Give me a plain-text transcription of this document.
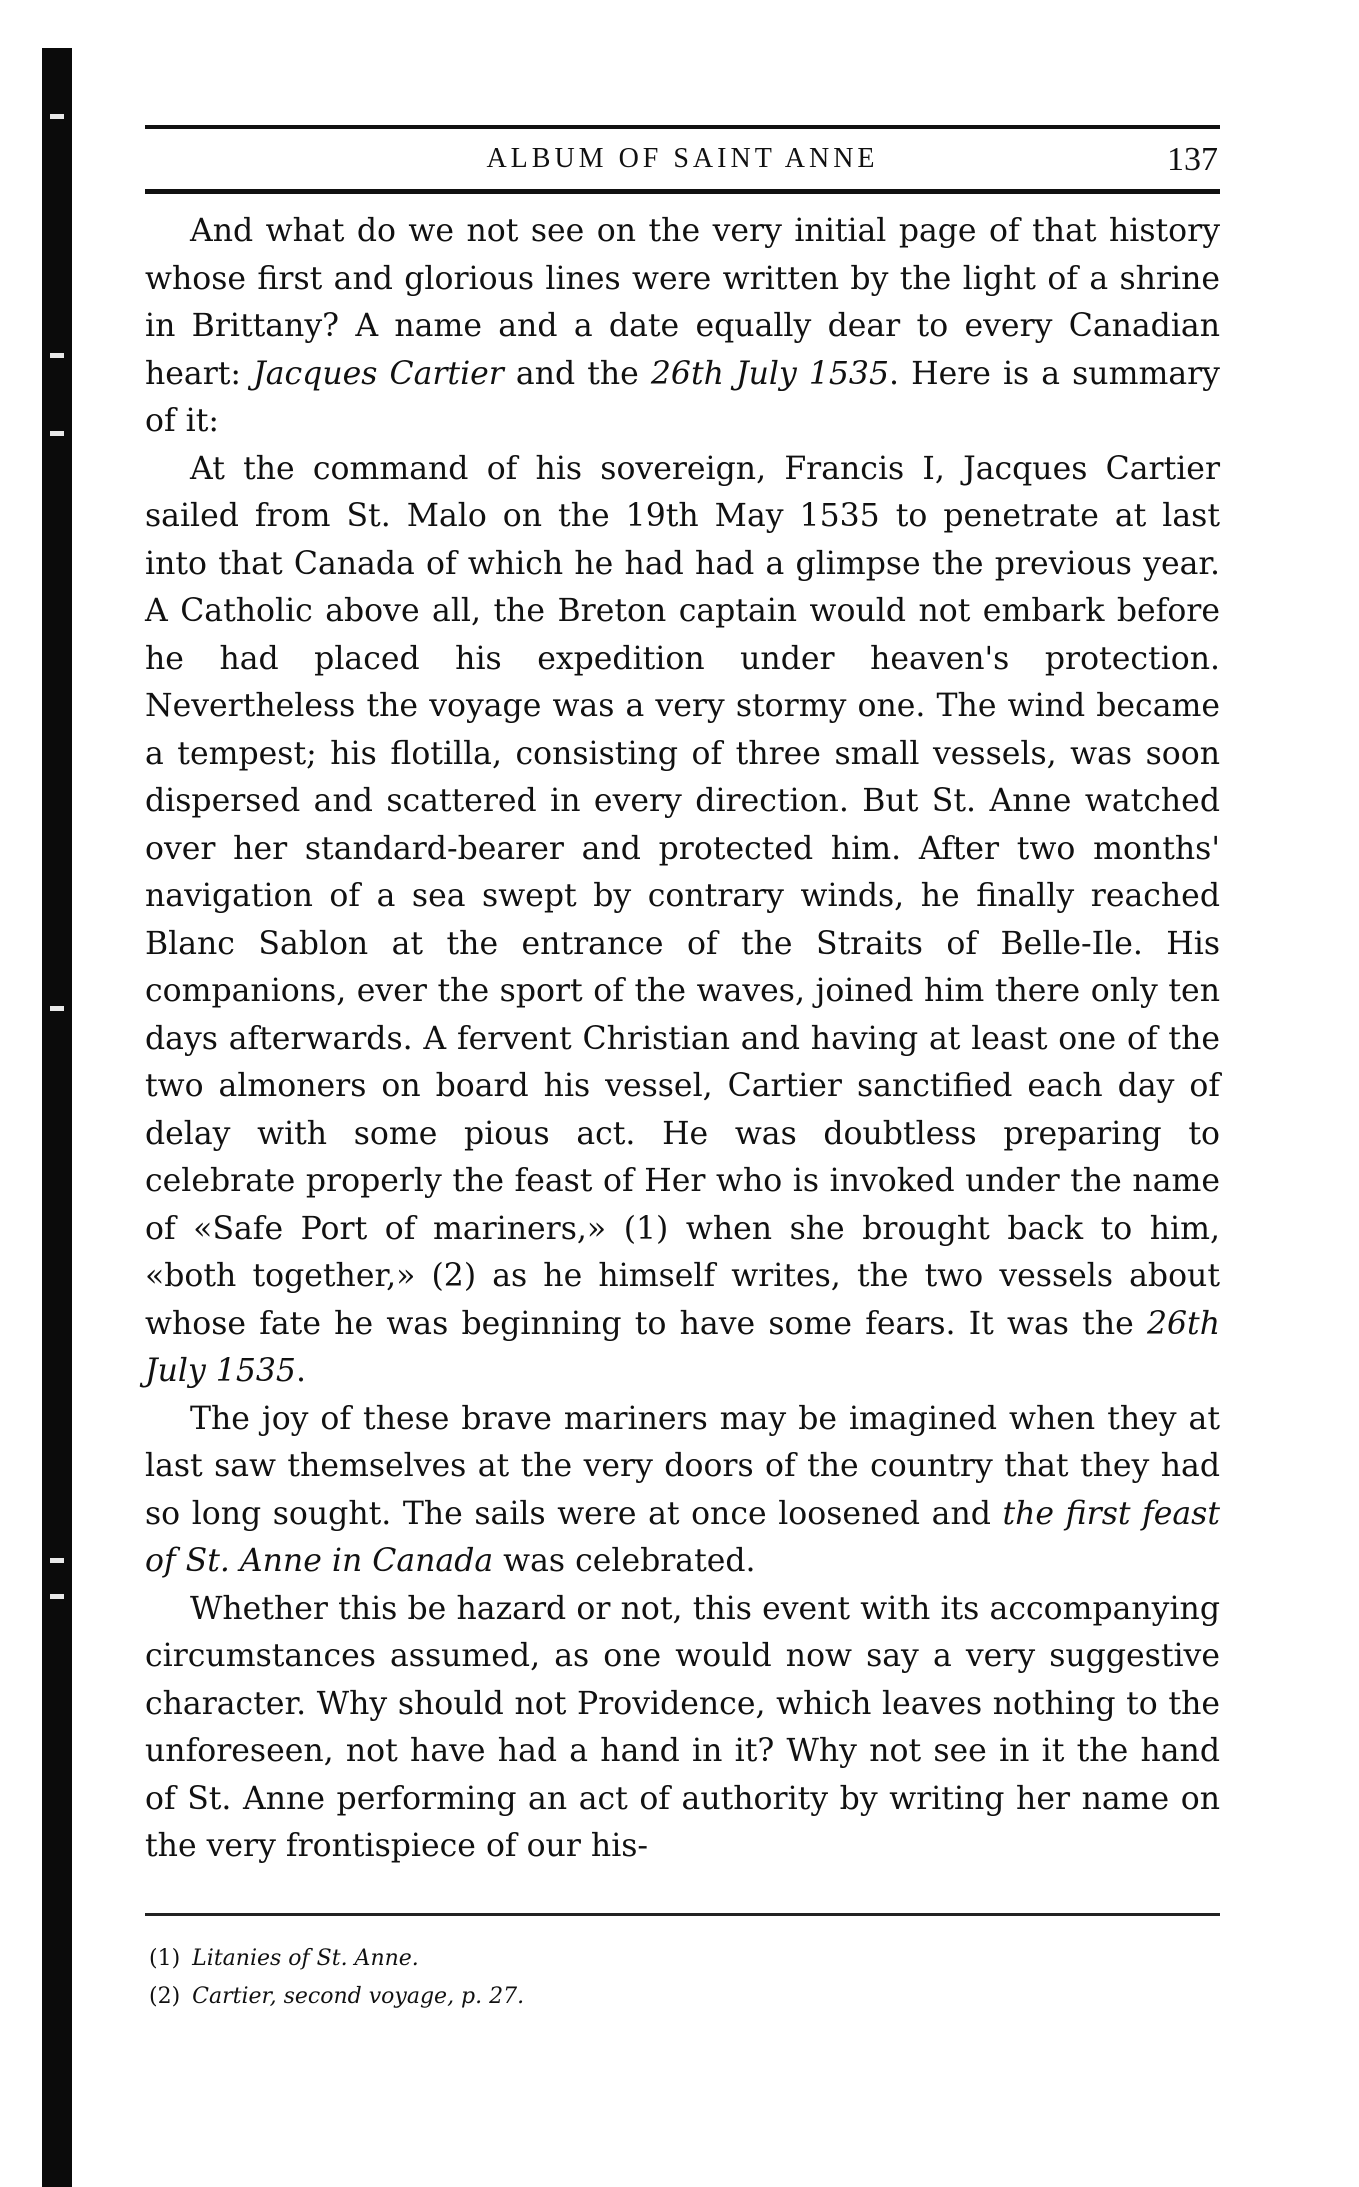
ALBUM OF SAINT ANNE	137

And what do we not see on the very initial page of that history whose first and glorious lines were written by the light of a shrine in Brittany? A name and a date equally dear to every Canadian heart: Jacques Cartier and the 26th July 1535. Here is a summary of it:

At the command of his sovereign, Francis I, Jacques Cartier sailed from St. Malo on the 19th May 1535 to penetrate at last into that Canada of which he had had a glimpse the previous year. A Catholic above all, the Breton captain would not embark before he had placed his expedition under heaven's protection. Nevertheless the voyage was a very stormy one. The wind became a tempest; his flotilla, consisting of three small vessels, was soon dispersed and scattered in every direction. But St. Anne watched over her standard-bearer and protected him. After two months' navigation of a sea swept by contrary winds, he finally reached Blanc Sablon at the entrance of the Straits of Belle-Ile. His companions, ever the sport of the waves, joined him there only ten days afterwards. A fervent Christian and having at least one of the two almoners on board his vessel, Cartier sanctified each day of delay with some pious act. He was doubtless preparing to celebrate properly the feast of Her who is invoked under the name of «Safe Port of mariners,» (1) when she brought back to him, «both together,» (2) as he himself writes, the two vessels about whose fate he was beginning to have some fears. It was the 26th July 1535.

The joy of these brave mariners may be imagined when they at last saw themselves at the very doors of the country that they had so long sought. The sails were at once loosened and the first feast of St. Anne in Canada was celebrated.

Whether this be hazard or not, this event with its accompanying circumstances assumed, as one would now say a very suggestive character. Why should not Providence, which leaves nothing to the unforeseen, not have had a hand in it? Why not see in it the hand of St. Anne performing an act of authority by writing her name on the very frontispiece of our his-

(1) Litanies of St. Anne.
(2) Cartier, second voyage, p. 27.
